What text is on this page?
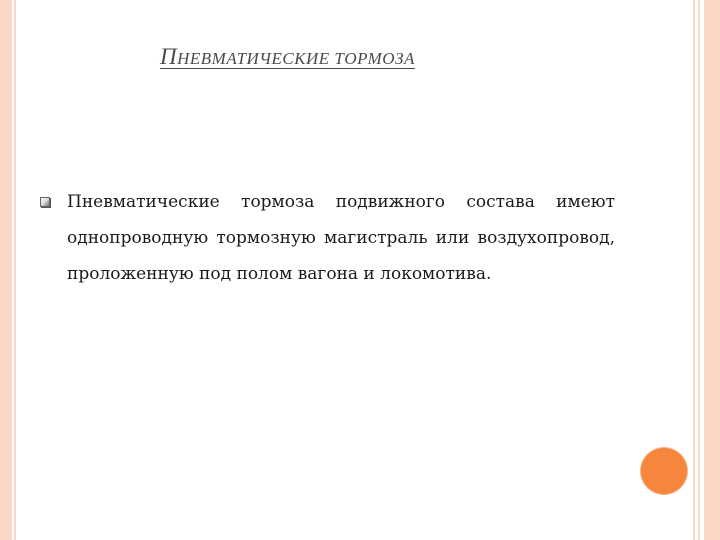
ПНЕВМАТИЧЕСКИЕ ТОРМОЗА
Пневматические тормоза подвижного состава имеют однопроводную тормозную магистраль или воздухопровод, проложенную под полом вагона и локомотива.
